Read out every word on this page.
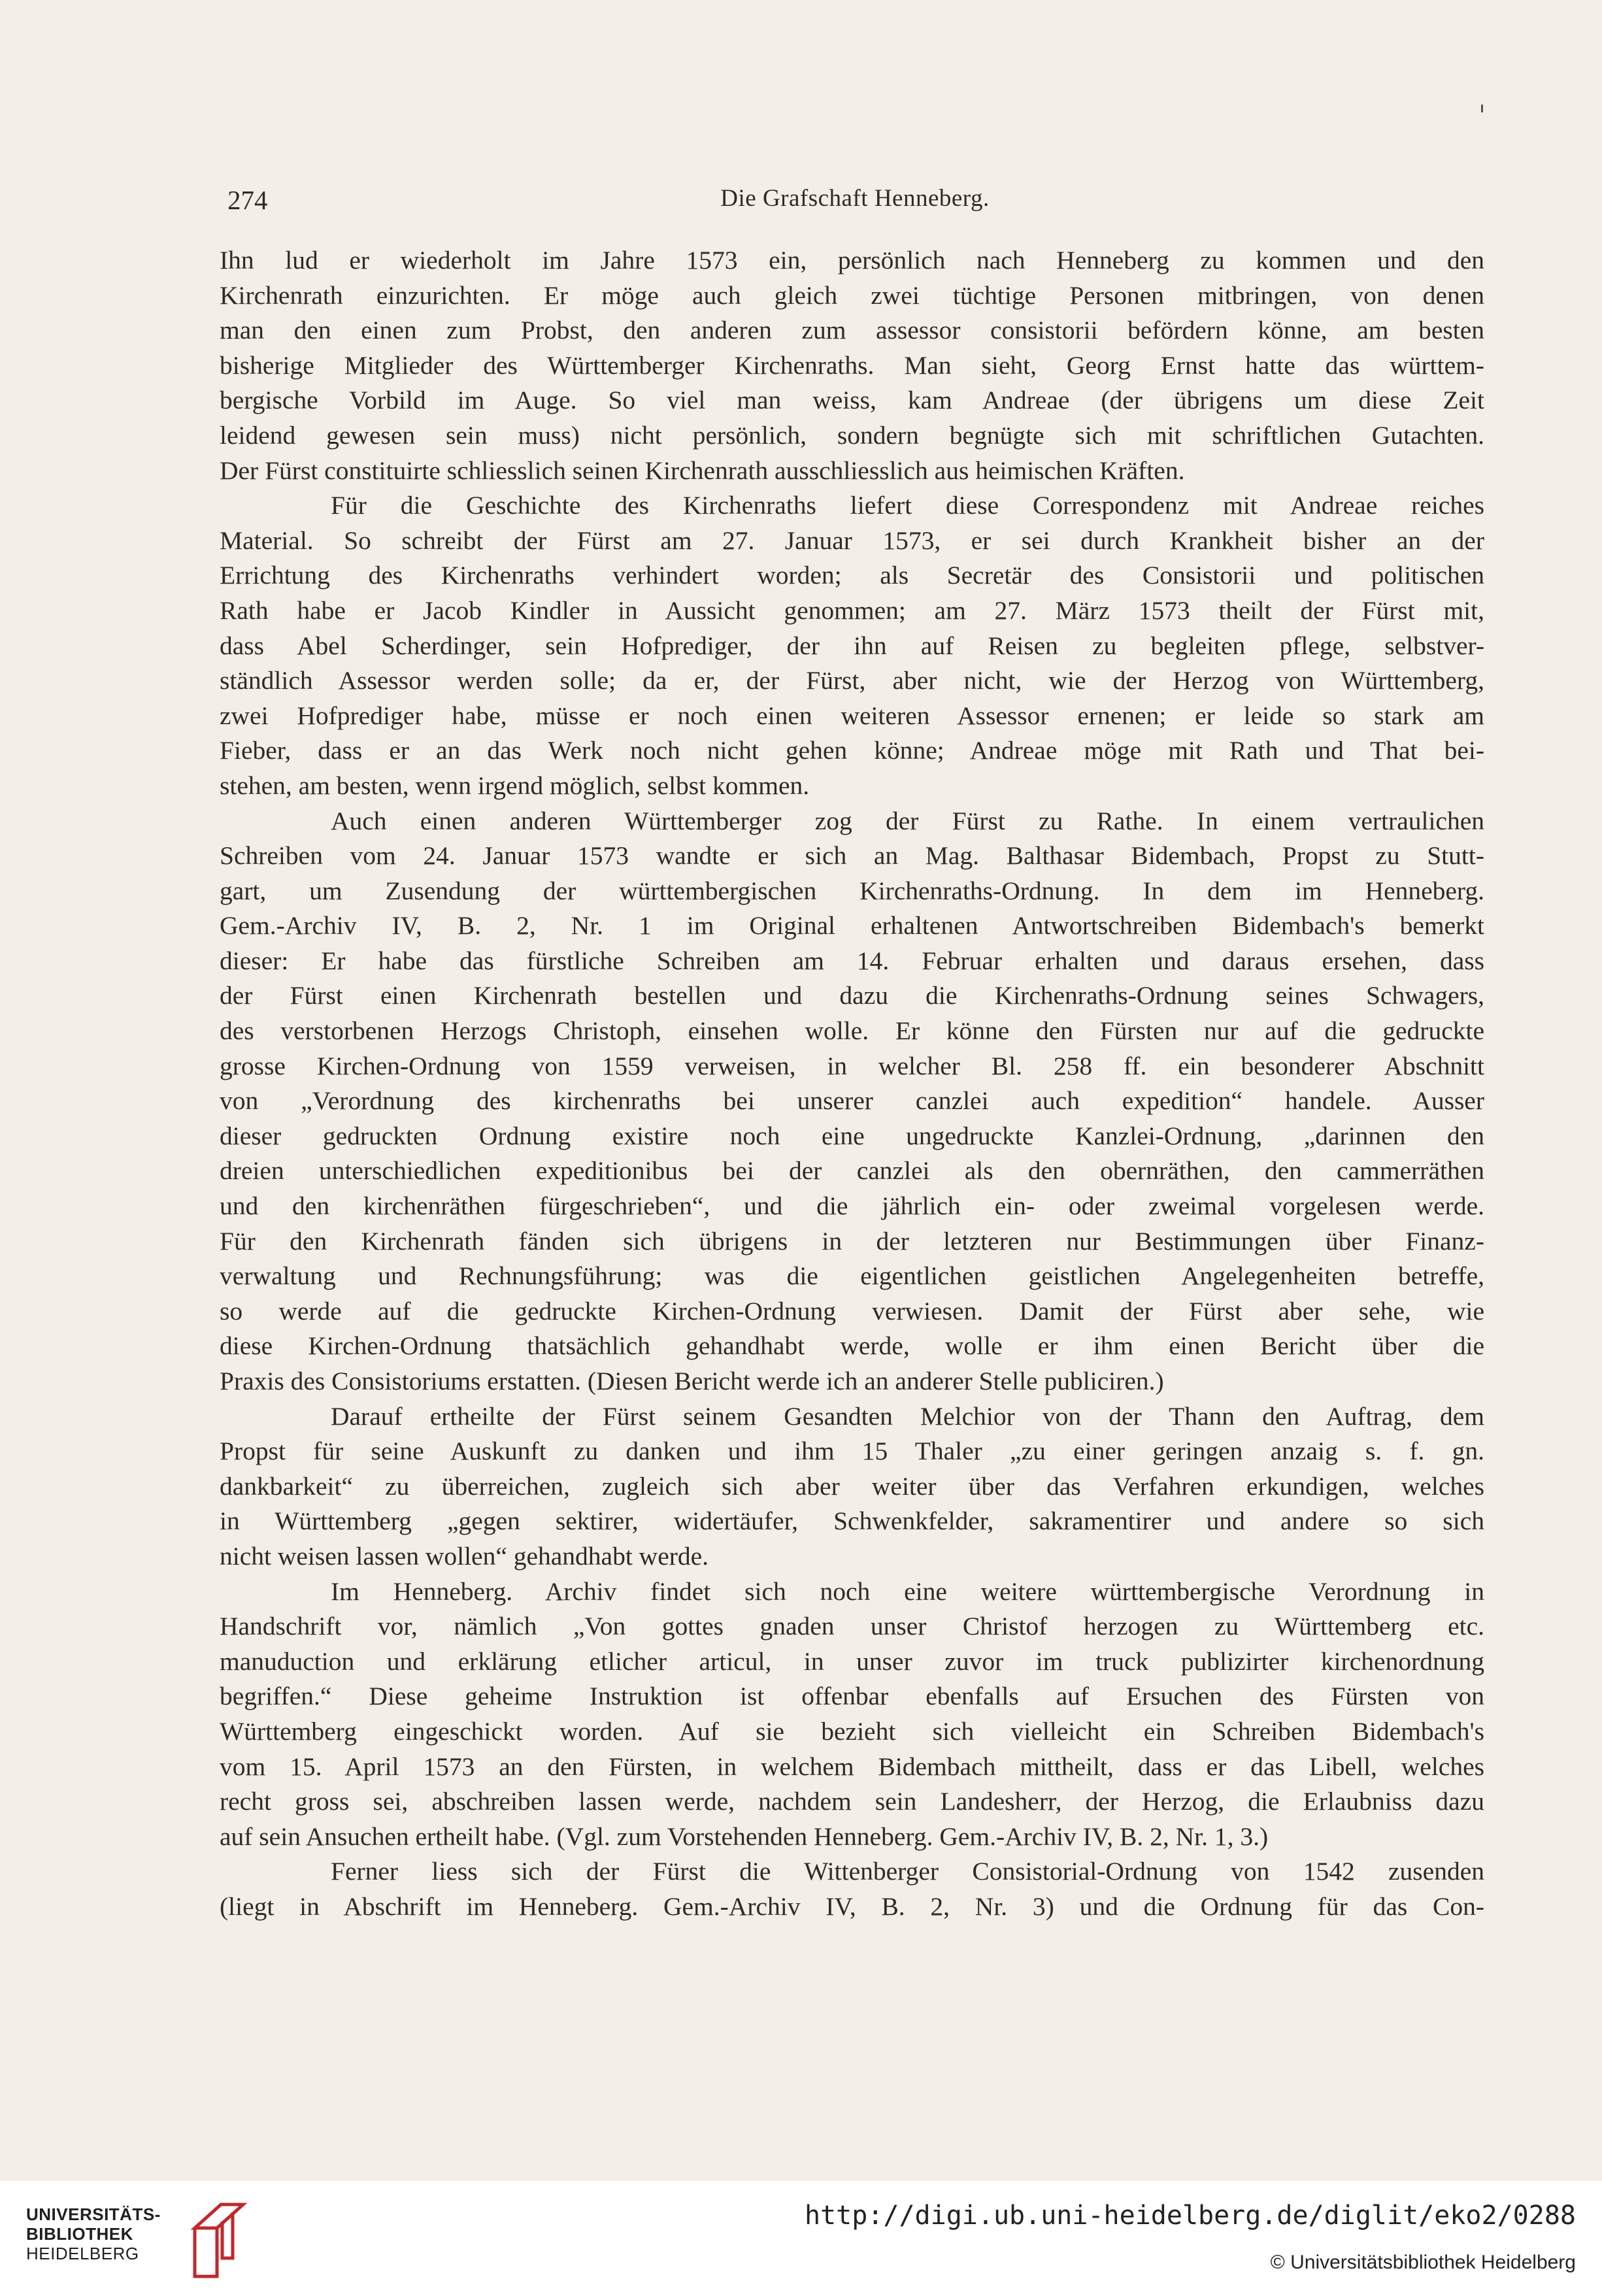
274	Die Grafschaft Henneberg.
Ihn lud er wiederholt im Jahre 1573 ein, persönlich nach Henneberg zu kommen und den
Kirchenrath einzurichten. Er möge auch gleich zwei tüchtige Personen mitbringen, von denen
man den einen zum Probst, den anderen zum assessor consistorii befördern könne, am besten
bisherige Mitglieder des Württemberger Kirchenraths. Man sieht, Georg Ernst hatte das württem-
bergische Vorbild im Auge. So viel man weiss, kam Andreae (der übrigens um diese Zeit
leidend gewesen sein muss) nicht persönlich, sondern begnügte sich mit schriftlichen Gutachten.
Der Fürst constituirte schliesslich seinen Kirchenrath ausschliesslich aus heimischen Kräften.
Für die Geschichte des Kirchenraths liefert diese Correspondenz mit Andreae reiches
Material. So schreibt der Fürst am 27. Januar 1573, er sei durch Krankheit bisher an der
Errichtung des Kirchenraths verhindert worden; als Secretär des Consistorii und politischen
Rath habe er Jacob Kindler in Aussicht genommen; am 27. März 1573 theilt der Fürst mit,
dass Abel Scherdinger, sein Hofprediger, der ihn auf Reisen zu begleiten pflege, selbstver-
ständlich Assessor werden solle; da er, der Fürst, aber nicht, wie der Herzog von Württemberg,
zwei Hofprediger habe, müsse er noch einen weiteren Assessor ernenen; er leide so stark am
Fieber, dass er an das Werk noch nicht gehen könne; Andreae möge mit Rath und That bei-
stehen, am besten, wenn irgend möglich, selbst kommen.
Auch einen anderen Württemberger zog der Fürst zu Rathe. In einem vertraulichen
Schreiben vom 24. Januar 1573 wandte er sich an Mag. Balthasar Bidembach, Propst zu Stutt-
gart, um Zusendung der württembergischen Kirchenraths-Ordnung. In dem im Henneberg.
Gem.-Archiv IV, B. 2, Nr. 1 im Original erhaltenen Antwortschreiben Bidembach's bemerkt
dieser: Er habe das fürstliche Schreiben am 14. Februar erhalten und daraus ersehen, dass
der Fürst einen Kirchenrath bestellen und dazu die Kirchenraths-Ordnung seines Schwagers,
des verstorbenen Herzogs Christoph, einsehen wolle. Er könne den Fürsten nur auf die gedruckte
grosse Kirchen-Ordnung von 1559 verweisen, in welcher Bl. 258 ff. ein besonderer Abschnitt
von „Verordnung des kirchenraths bei unserer canzlei auch expedition“ handele. Ausser
dieser gedruckten Ordnung existire noch eine ungedruckte Kanzlei-Ordnung, „darinnen den
dreien unterschiedlichen expeditionibus bei der canzlei als den obernräthen, den cammerräthen
und den kirchenräthen fürgeschrieben“, und die jährlich ein- oder zweimal vorgelesen werde.
Für den Kirchenrath fänden sich übrigens in der letzteren nur Bestimmungen über Finanz-
verwaltung und Rechnungsführung; was die eigentlichen geistlichen Angelegenheiten betreffe,
so werde auf die gedruckte Kirchen-Ordnung verwiesen. Damit der Fürst aber sehe, wie
diese Kirchen-Ordnung thatsächlich gehandhabt werde, wolle er ihm einen Bericht über die
Praxis des Consistoriums erstatten. (Diesen Bericht werde ich an anderer Stelle publiciren.)
Darauf ertheilte der Fürst seinem Gesandten Melchior von der Thann den Auftrag, dem
Propst für seine Auskunft zu danken und ihm 15 Thaler „zu einer geringen anzaig s. f. gn.
dankbarkeit“ zu überreichen, zugleich sich aber weiter über das Verfahren erkundigen, welches
in Württemberg „gegen sektirer, widertäufer, Schwenkfelder, sakramentirer und andere so sich
nicht weisen lassen wollen“ gehandhabt werde.
Im Henneberg. Archiv findet sich noch eine weitere württembergische Verordnung in
Handschrift vor, nämlich „Von gottes gnaden unser Christof herzogen zu Württemberg etc.
manuduction und erklärung etlicher articul, in unser zuvor im truck publizirter kirchenordnung
begriffen.“ Diese geheime Instruktion ist offenbar ebenfalls auf Ersuchen des Fürsten von
Württemberg eingeschickt worden. Auf sie bezieht sich vielleicht ein Schreiben Bidembach's
vom 15. April 1573 an den Fürsten, in welchem Bidembach mittheilt, dass er das Libell, welches
recht gross sei, abschreiben lassen werde, nachdem sein Landesherr, der Herzog, die Erlaubniss dazu
auf sein Ansuchen ertheilt habe. (Vgl. zum Vorstehenden Henneberg. Gem.-Archiv IV, B. 2, Nr. 1, 3.)
Ferner liess sich der Fürst die Wittenberger Consistorial-Ordnung von 1542 zusenden
(liegt in Abschrift im Henneberg. Gem.-Archiv IV, B. 2, Nr. 3) und die Ordnung für das Con-
UNIVERSITÄTS-
BIBLIOTHEK
HEIDELBERG
http://digi.ub.uni-heidelberg.de/diglit/eko2/0288
© Universitätsbibliothek Heidelberg
